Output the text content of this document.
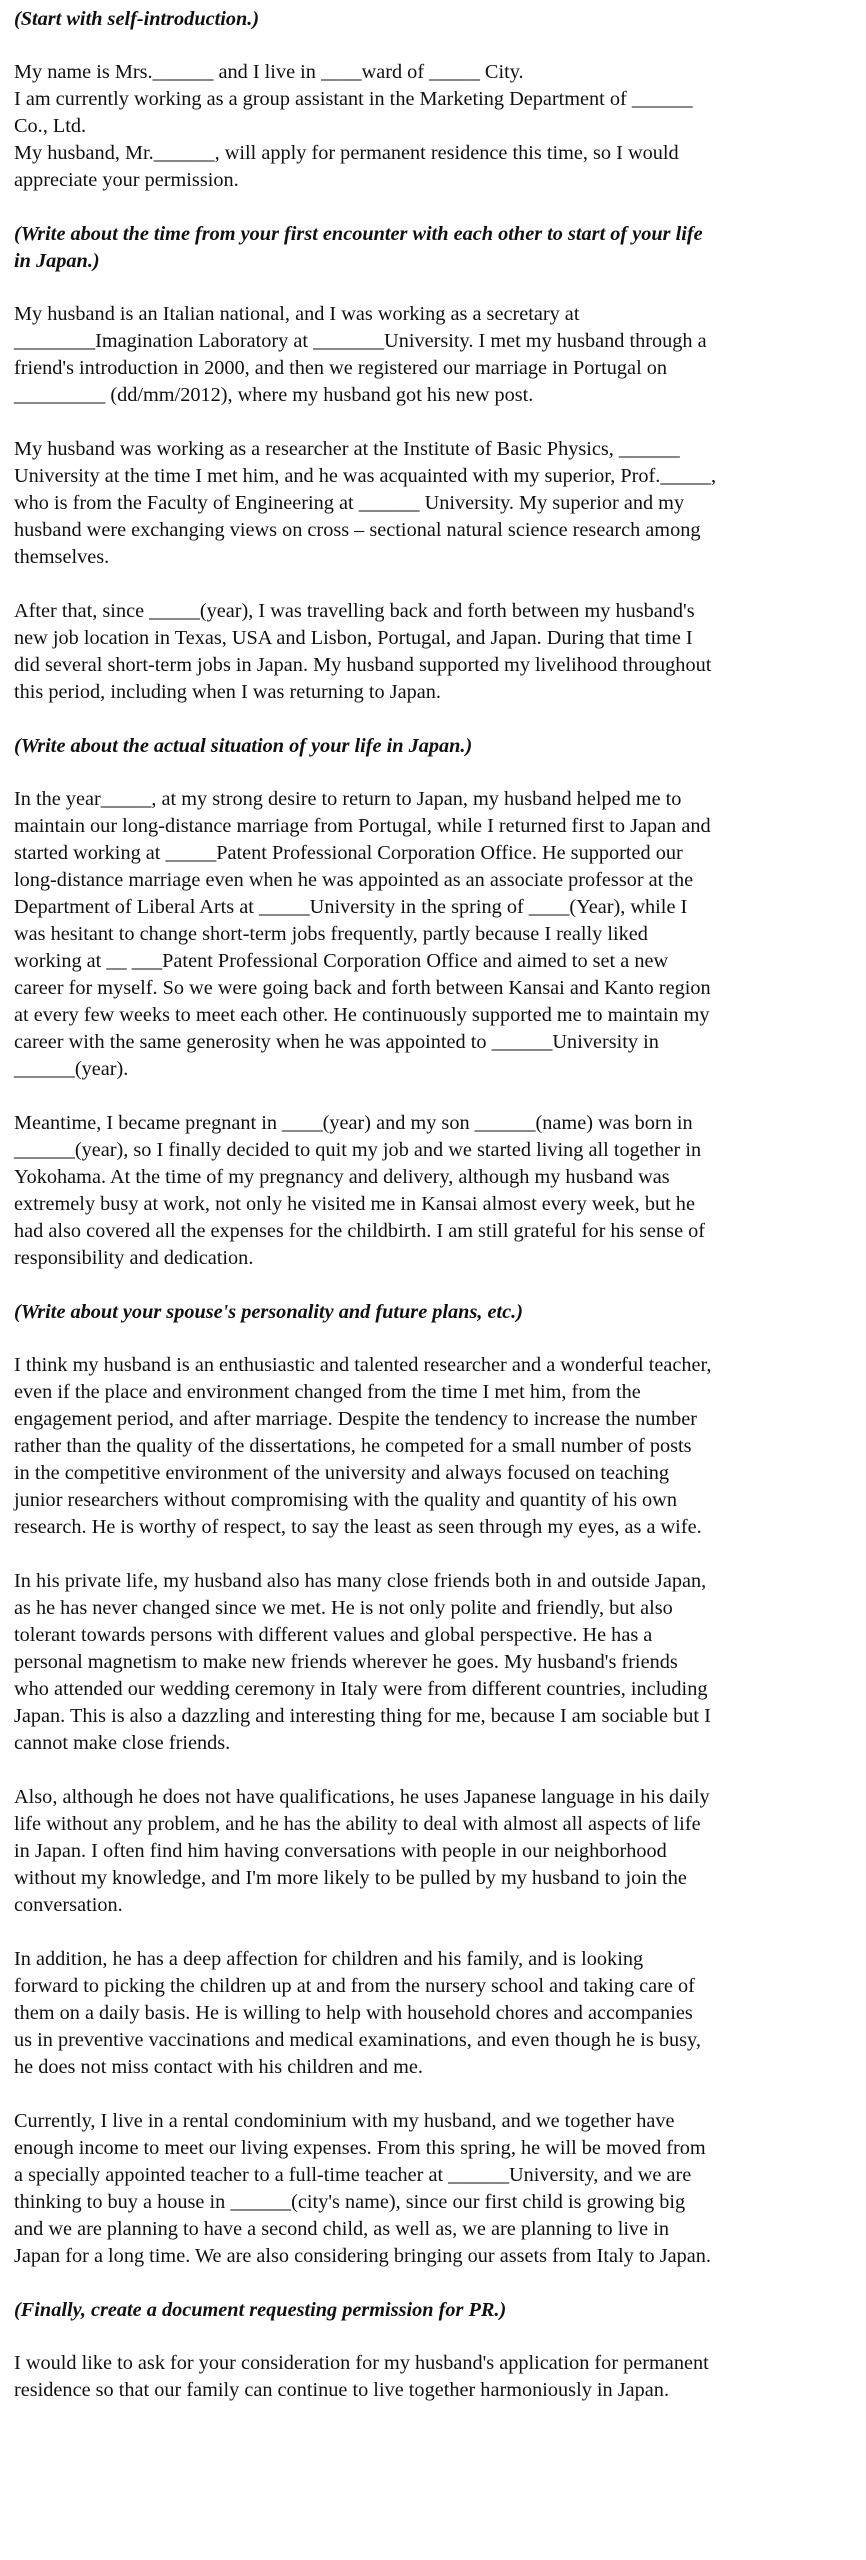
(Start with self-introduction.)

My name is Mrs.______ and I live in ____ward of _____ City.
I am currently working as a group assistant in the Marketing Department of ______
Co., Ltd.
My husband, Mr.______, will apply for permanent residence this time, so I would
appreciate your permission.

(Write about the time from your first encounter with each other to start of your life
in Japan.)

My husband is an Italian national, and I was working as a secretary at
________Imagination Laboratory at _______University. I met my husband through a
friend's introduction in 2000, and then we registered our marriage in Portugal on
_________ (dd/mm/2012), where my husband got his new post.

My husband was working as a researcher at the Institute of Basic Physics, ______
University at the time I met him, and he was acquainted with my superior, Prof._____,
who is from the Faculty of Engineering at ______ University. My superior and my
husband were exchanging views on cross – sectional natural science research among
themselves.

After that, since _____(year), I was travelling back and forth between my husband's
new job location in Texas, USA and Lisbon, Portugal, and Japan. During that time I
did several short-term jobs in Japan. My husband supported my livelihood throughout
this period, including when I was returning to Japan.

(Write about the actual situation of your life in Japan.)

In the year_____, at my strong desire to return to Japan, my husband helped me to
maintain our long-distance marriage from Portugal, while I returned first to Japan and
started working at _____Patent Professional Corporation Office. He supported our
long-distance marriage even when he was appointed as an associate professor at the
Department of Liberal Arts at _____University in the spring of ____(Year), while I
was hesitant to change short-term jobs frequently, partly because I really liked
working at __ ___Patent Professional Corporation Office and aimed to set a new
career for myself. So we were going back and forth between Kansai and Kanto region
at every few weeks to meet each other. He continuously supported me to maintain my
career with the same generosity when he was appointed to ______University in
______(year).

Meantime, I became pregnant in ____(year) and my son ______(name) was born in
______(year), so I finally decided to quit my job and we started living all together in
Yokohama. At the time of my pregnancy and delivery, although my husband was
extremely busy at work, not only he visited me in Kansai almost every week, but he
had also covered all the expenses for the childbirth. I am still grateful for his sense of
responsibility and dedication.

(Write about your spouse's personality and future plans, etc.)

I think my husband is an enthusiastic and talented researcher and a wonderful teacher,
even if the place and environment changed from the time I met him, from the
engagement period, and after marriage. Despite the tendency to increase the number
rather than the quality of the dissertations, he competed for a small number of posts
in the competitive environment of the university and always focused on teaching
junior researchers without compromising with the quality and quantity of his own
research. He is worthy of respect, to say the least as seen through my eyes, as a wife.

In his private life, my husband also has many close friends both in and outside Japan,
as he has never changed since we met. He is not only polite and friendly, but also
tolerant towards persons with different values and global perspective. He has a
personal magnetism to make new friends wherever he goes. My husband's friends
who attended our wedding ceremony in Italy were from different countries, including
Japan. This is also a dazzling and interesting thing for me, because I am sociable but I
cannot make close friends.

Also, although he does not have qualifications, he uses Japanese language in his daily
life without any problem, and he has the ability to deal with almost all aspects of life
in Japan. I often find him having conversations with people in our neighborhood
without my knowledge, and I'm more likely to be pulled by my husband to join the
conversation.

In addition, he has a deep affection for children and his family, and is looking
forward to picking the children up at and from the nursery school and taking care of
them on a daily basis. He is willing to help with household chores and accompanies
us in preventive vaccinations and medical examinations, and even though he is busy,
he does not miss contact with his children and me.

Currently, I live in a rental condominium with my husband, and we together have
enough income to meet our living expenses. From this spring, he will be moved from
a specially appointed teacher to a full-time teacher at ______University, and we are
thinking to buy a house in ______(city's name), since our first child is growing big
and we are planning to have a second child, as well as, we are planning to live in
Japan for a long time. We are also considering bringing our assets from Italy to Japan.

(Finally, create a document requesting permission for PR.)

I would like to ask for your consideration for my husband's application for permanent
residence so that our family can continue to live together harmoniously in Japan.
